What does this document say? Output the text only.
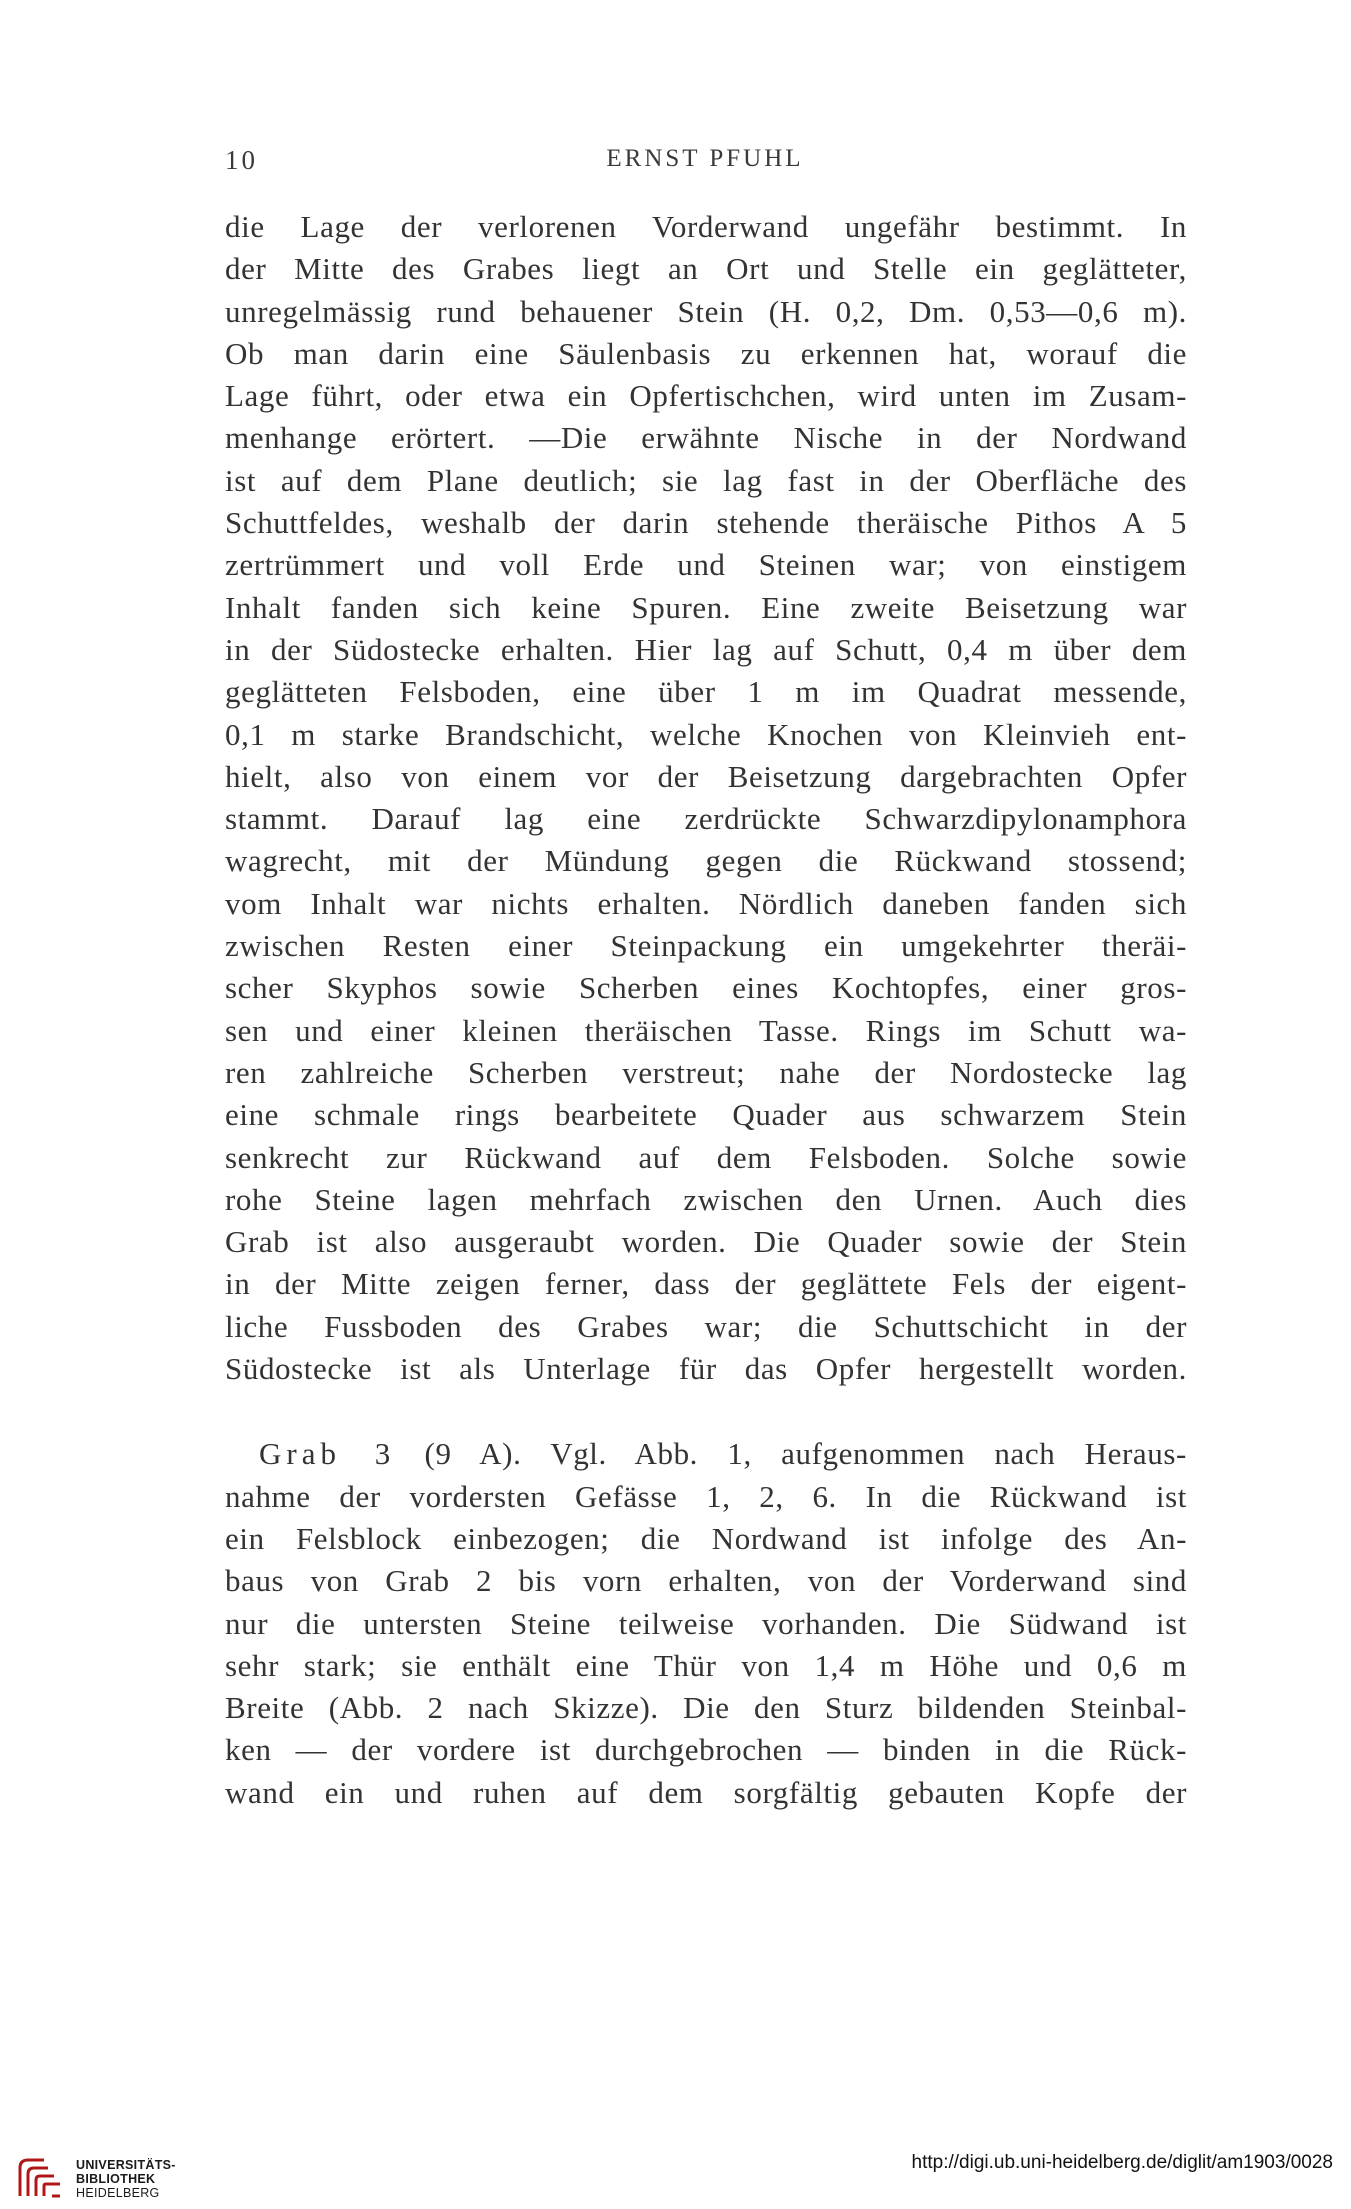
10	ERNST PFUHL
die Lage der verlorenen Vorderwand ungefähr bestimmt. In
der Mitte des Grabes liegt an Ort und Stelle ein geglätteter,
unregelmässig rund behauener Stein (H. 0,2, Dm. 0,53—0,6 m).
Ob man darin eine Säulenbasis zu erkennen hat, worauf die
Lage führt, oder etwa ein Opfertischchen, wird unten im Zusam-
menhange erörtert. —Die erwähnte Nische in der Nordwand
ist auf dem Plane deutlich; sie lag fast in der Oberfläche des
Schuttfeldes, weshalb der darin stehende theräische Pithos A 5
zertrümmert und voll Erde und Steinen war; von einstigem
Inhalt fanden sich keine Spuren. Eine zweite Beisetzung war
in der Südostecke erhalten. Hier lag auf Schutt, 0,4 m über dem
geglätteten Felsboden, eine über 1 m im Quadrat messende,
0,1 m starke Brandschicht, welche Knochen von Kleinvieh ent-
hielt, also von einem vor der Beisetzung dargebrachten Opfer
stammt. Darauf lag eine zerdrückte Schwarzdipylonamphora
wagrecht, mit der Mündung gegen die Rückwand stossend;
vom Inhalt war nichts erhalten. Nördlich daneben fanden sich
zwischen Resten einer Steinpackung ein umgekehrter theräi-
scher Skyphos sowie Scherben eines Kochtopfes, einer gros-
sen und einer kleinen theräischen Tasse. Rings im Schutt wa-
ren zahlreiche Scherben verstreut; nahe der Nordostecke lag
eine schmale rings bearbeitete Quader aus schwarzem Stein
senkrecht zur Rückwand auf dem Felsboden. Solche sowie
rohe Steine lagen mehrfach zwischen den Urnen. Auch dies
Grab ist also ausgeraubt worden. Die Quader sowie der Stein
in der Mitte zeigen ferner, dass der geglättete Fels der eigent-
liche Fussboden des Grabes war; die Schuttschicht in der
Südostecke ist als Unterlage für das Opfer hergestellt worden.
Grab 3 (9 A). Vgl. Abb. 1, aufgenommen nach Heraus-
nahme der vordersten Gefässe 1, 2, 6. In die Rückwand ist
ein Felsblock einbezogen; die Nordwand ist infolge des An-
baus von Grab 2 bis vorn erhalten, von der Vorderwand sind
nur die untersten Steine teilweise vorhanden. Die Südwand ist
sehr stark; sie enthält eine Thür von 1,4 m Höhe und 0,6 m
Breite (Abb. 2 nach Skizze). Die den Sturz bildenden Steinbal-
ken — der vordere ist durchgebrochen — binden in die Rück-
wand ein und ruhen auf dem sorgfältig gebauten Kopfe der
UNIVERSITÄTS-
BIBLIOTHEK
HEIDELBERG
http://digi.ub.uni-heidelberg.de/diglit/am1903/0028
